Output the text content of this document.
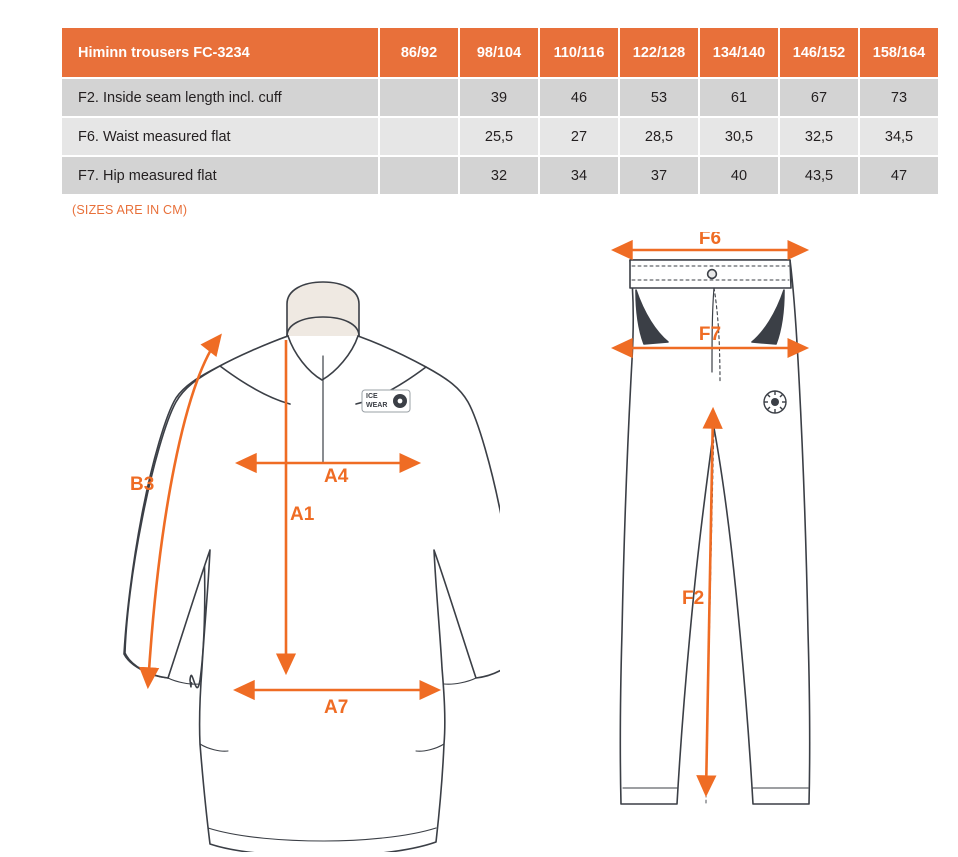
Himinn trousers FC-3234	86/92	98/104	110/116	122/128	134/140	146/152	158/164
F2. Inside seam length incl. cuff		39	46	53	61	67	73
F6. Waist measured flat		25,5	27	28,5	30,5	32,5	34,5
F7. Hip measured flat		32	34	37	40	43,5	47
(SIZES ARE IN CM)
ICE
WEAR
B3	A4
A1
A7
F6
F7
F2
